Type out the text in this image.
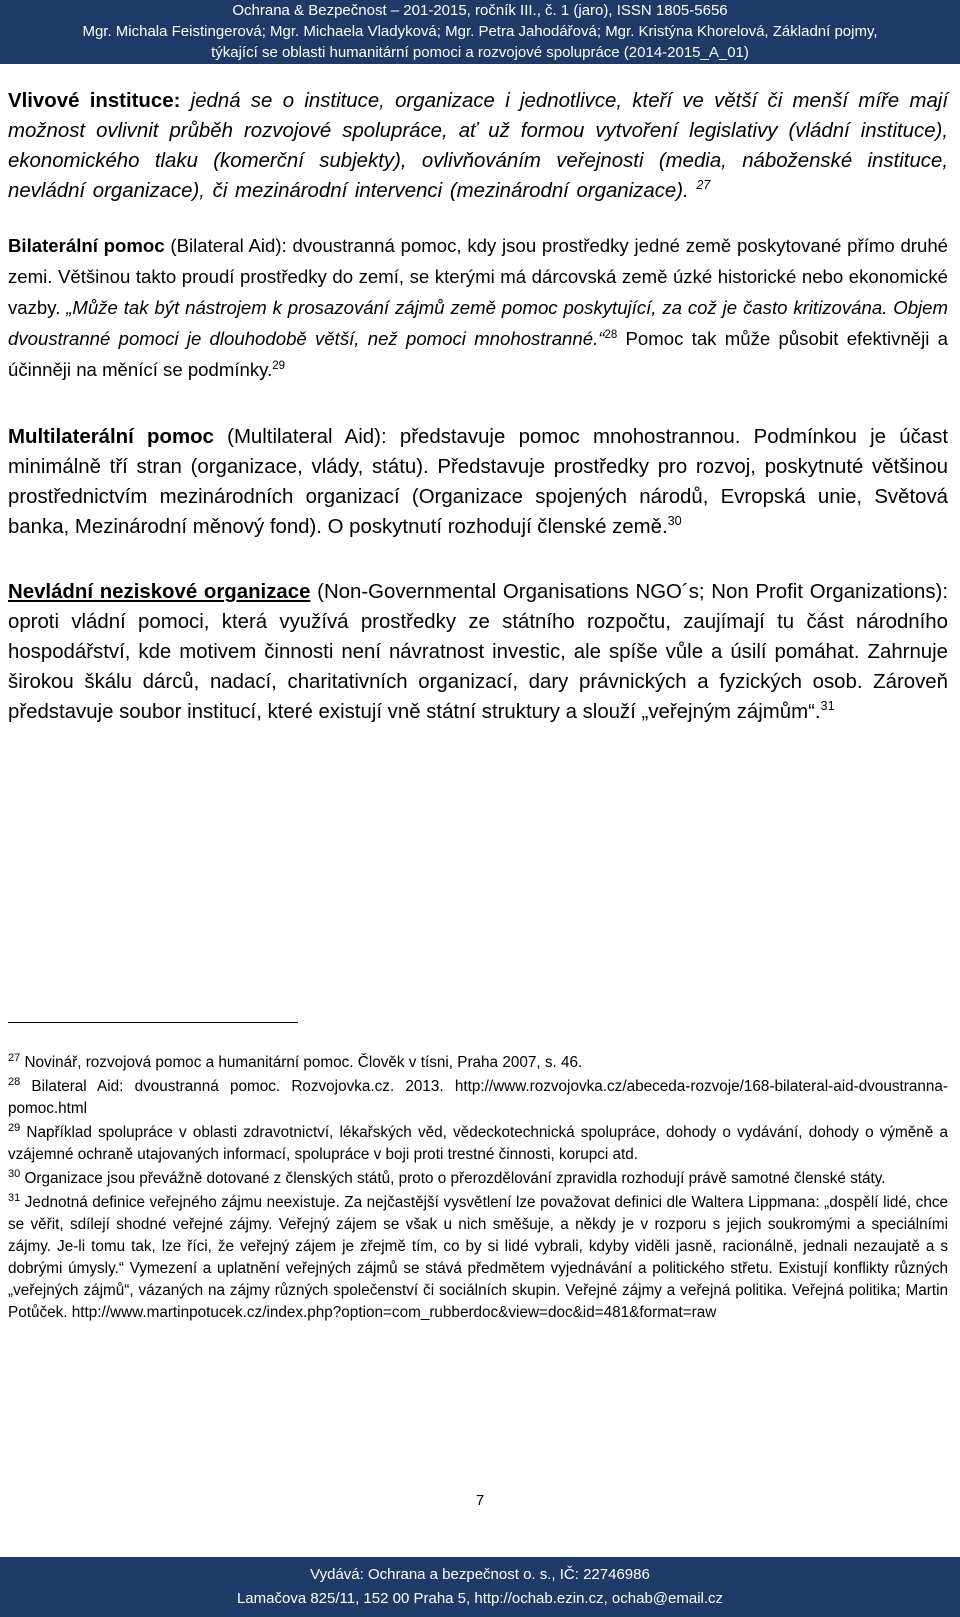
Ochrana & Bezpečnost – 201-2015, ročník III., č. 1 (jaro), ISSN 1805-5656
Mgr. Michala Feistingerová; Mgr. Michaela Vladyková; Mgr. Petra Jahodářová; Mgr. Kristýna Khorelová, Základní pojmy,
týkající se oblasti humanitární pomoci a rozvojové spolupráce (2014-2015_A_01)

Vlivové instituce: jedná se o instituce, organizace i jednotlivce, kteří ve větší či menší míře mají možnost ovlivnit průběh rozvojové spolupráce, ať už formou vytvoření legislativy (vládní instituce), ekonomického tlaku (komerční subjekty), ovlivňováním veřejnosti (media, náboženské instituce, nevládní organizace), či mezinárodní intervenci (mezinárodní organizace). $^{27}$

Bilaterální pomoc (Bilateral Aid): dvoustranná pomoc, kdy jsou prostředky jedné země poskytované přímo druhé zemi. Většinou takto proudí prostředky do zemí, se kterými má dárcovská země úzké historické nebo ekonomické vazby. „Může tak být nástrojem k prosazování zájmů země pomoc poskytující, za což je často kritizována. Objem dvoustranné pomoci je dlouhodobě větší, než pomoci mnohostranné.“$^{28}$ Pomoc tak může působit efektivněji a účinněji na měnící se podmínky.$^{29}$

Multilaterální pomoc (Multilateral Aid): představuje pomoc mnohostrannou. Podmínkou je účast minimálně tří stran (organizace, vlády, státu). Představuje prostředky pro rozvoj, poskytnuté většinou prostřednictvím mezinárodních organizací (Organizace spojených národů, Evropská unie, Světová banka, Mezinárodní měnový fond). O poskytnutí rozhodují členské země.$^{30}$

Nevládní neziskové organizace (Non-Governmental Organisations NGO´s; Non Profit Organizations): oproti vládní pomoci, která využívá prostředky ze státního rozpočtu, zaujímají tu část národního hospodářství, kde motivem činnosti není návratnost investic, ale spíše vůle a úsilí pomáhat. Zahrnuje širokou škálu dárců, nadací, charitativních organizací, dary právnických a fyzických osob. Zároveň představuje soubor institucí, které existují vně státní struktury a slouží „veřejným zájmům“.$^{31}$

$^{27}$ Novinář, rozvojová pomoc a humanitární pomoc. Člověk v tísni, Praha 2007, s. 46.

$^{28}$ Bilateral Aid: dvoustranná pomoc. Rozvojovka.cz. 2013. http://www.rozvojovka.cz/abeceda-rozvoje/168-bilateral-aid-dvoustranna-pomoc.html

$^{29}$ Například spolupráce v oblasti zdravotnictví, lékařských věd, vědeckotechnická spolupráce, dohody o vydávání, dohody o výměně a vzájemné ochraně utajovaných informací, spolupráce v boji proti trestné činnosti, korupci atd.

$^{30}$ Organizace jsou převážně dotované z členských států, proto o přerozdělování zpravidla rozhodují právě samotné členské státy.

$^{31}$ Jednotná definice veřejného zájmu neexistuje. Za nejčastější vysvětlení lze považovat definici dle Waltera Lippmana: „dospělí lidé, chce se věřit, sdílejí shodné veřejné zájmy. Veřejný zájem se však u nich směšuje, a někdy je v rozporu s jejich soukromými a speciálními zájmy. Je-li tomu tak, lze říci, že veřejný zájem je zřejmě tím, co by si lidé vybrali, kdyby viděli jasně, racionálně, jednali nezaujatě a s dobrými úmysly.“ Vymezení a uplatnění veřejných zájmů se stává předmětem vyjednávání a politického střetu. Existují konflikty různých „veřejných zájmů“, vázaných na zájmy různých společenství či sociálních skupin. Veřejné zájmy a veřejná politika. Veřejná politika; Martin Potůček. http://www.martinpotucek.cz/index.php?option=com_rubberdoc&view=doc&id=481&format=raw

7
Vydává: Ochrana a bezpečnost o. s., IČ: 22746986
Lamačova 825/11, 152 00 Praha 5, http://ochab.ezin.cz, ochab@email.cz
